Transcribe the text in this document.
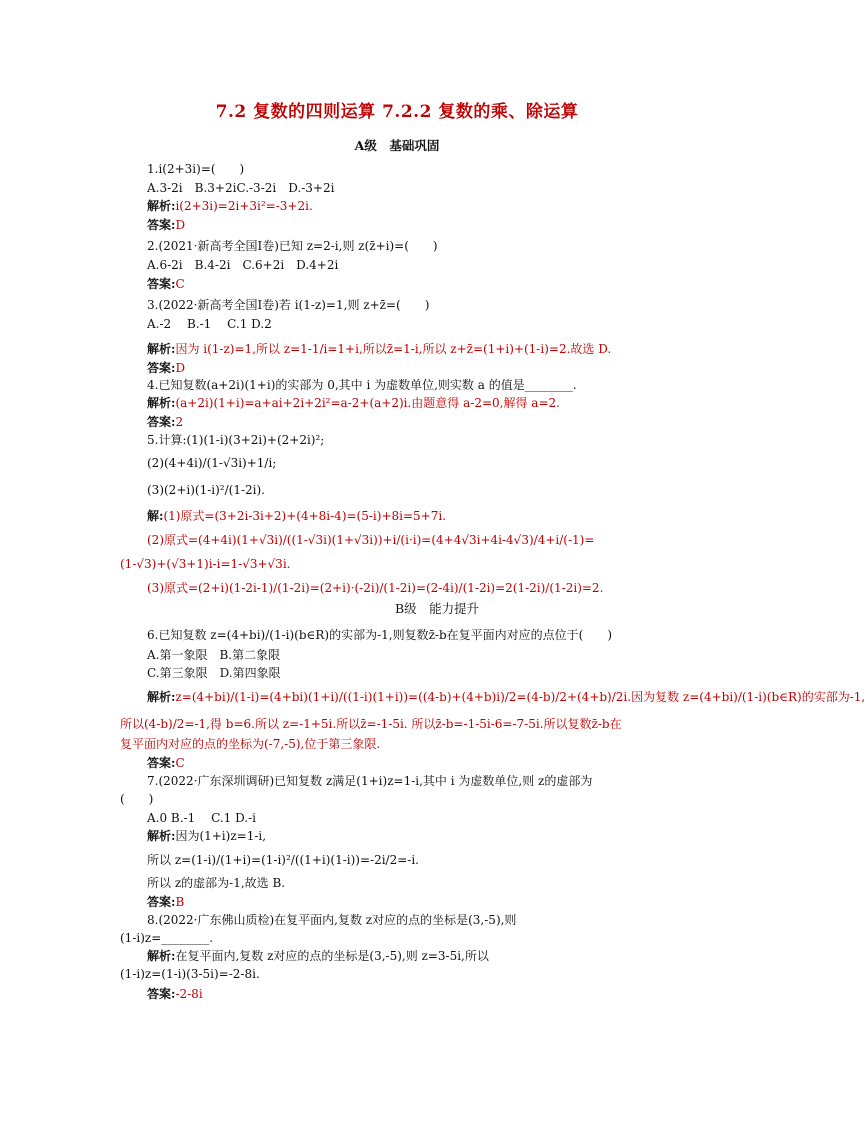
7.2 复数的四则运算 7.2.2 复数的乘、除运算
A级　基础巩固
1.i(2+3i)=(　　)
A.3-2i　B.3+2iC.-3-2i　D.-3+2i
解析:i(2+3i)=2i+3i²=-3+2i.
答案:D
2.(2021·新高考全国Ⅰ卷)已知 z=2-i,则 z(z̄+i)=(　　)
A.6-2i　B.4-2i　C.6+2i　D.4+2i
答案:C
3.(2022·新高考全国Ⅰ卷)若 i(1-z)=1,则 z+z̄=(　　)
A.-2　 B.-1　 C.1 D.2
解析:因为 i(1-z)=1,所以 z=1-1/i=1+i,所以z̄=1-i,所以 z+z̄=(1+i)+(1-i)=2.故选 D.
答案:D
4.已知复数(a+2i)(1+i)的实部为 0,其中 i 为虚数单位,则实数 a 的值是________.
解析:(a+2i)(1+i)=a+ai+2i+2i²=a-2+(a+2)i.由题意得 a-2=0,解得 a=2.
答案:2
5.计算:(1)(1-i)(3+2i)+(2+2i)²;
(2)(4+4i)/(1-√3i)+1/i;
(3)(2+i)(1-i)²/(1-2i).
解:(1)原式=(3+2i-3i+2)+(4+8i-4)=(5-i)+8i=5+7i.
(2)原式=(4+4i)(1+√3i)/((1-√3i)(1+√3i))+i/(i·i)=(4+4√3i+4i-4√3)/4+i/(-1)=
(1-√3)+(√3+1)i-i=1-√3+√3i.
(3)原式=(2+i)(1-2i-1)/(1-2i)=(2+i)·(-2i)/(1-2i)=(2-4i)/(1-2i)=2(1-2i)/(1-2i)=2.
B级　能力提升
6.已知复数 z=(4+bi)/(1-i)(b∈R)的实部为-1,则复数z̄-b在复平面内对应的点位于(　　)
A.第一象限　B.第二象限
C.第三象限　D.第四象限
解析:z=(4+bi)/(1-i)=(4+bi)(1+i)/((1-i)(1+i))=((4-b)+(4+b)i)/2=(4-b)/2+(4+b)/2i.因为复数 z=(4+bi)/(1-i)(b∈R)的实部为-1,
所以(4-b)/2=-1,得 b=6.所以 z=-1+5i.所以z̄=-1-5i. 所以z̄-b=-1-5i-6=-7-5i.所以复数z̄-b在
复平面内对应的点的坐标为(-7,-5),位于第三象限.
答案:C
7.(2022·广东深圳调研)已知复数 z满足(1+i)z=1-i,其中 i 为虚数单位,则 z的虚部为
(　　)
A.0 B.-1　 C.1 D.-i
解析:因为(1+i)z=1-i,
所以 z=(1-i)/(1+i)=(1-i)²/((1+i)(1-i))=-2i/2=-i.
所以 z的虚部为-1,故选 B.
答案:B
8.(2022·广东佛山质检)在复平面内,复数 z对应的点的坐标是(3,-5),则
(1-i)z=________.
解析:在复平面内,复数 z对应的点的坐标是(3,-5),则 z=3-5i,所以
(1-i)z=(1-i)(3-5i)=-2-8i.
答案:-2-8i
